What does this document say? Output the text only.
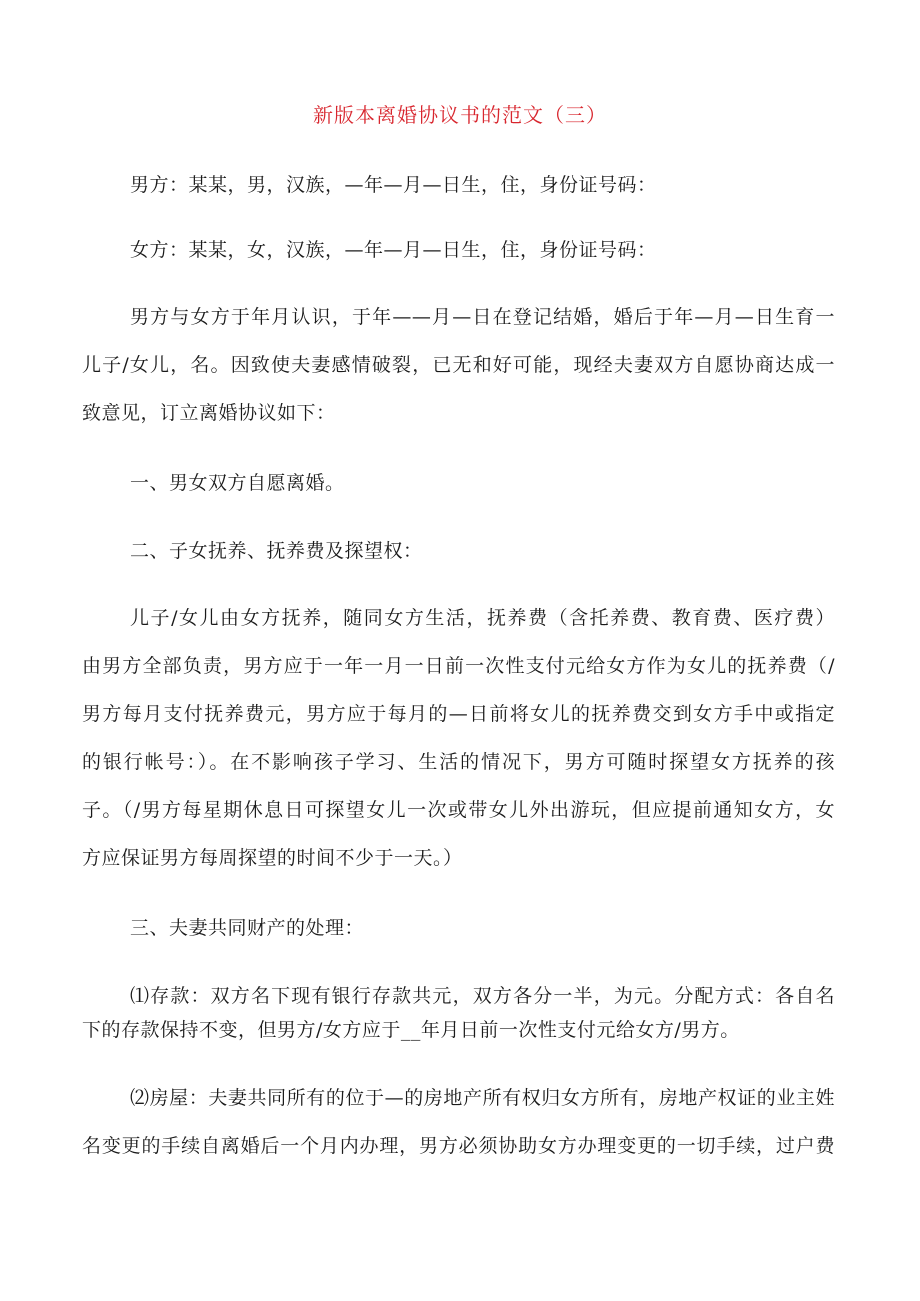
新版本离婚协议书的范文（三）
男方：某某，男，汉族，—年—月—日生，住，身份证号码：
女方：某某，女，汉族，—年—月—日生，住，身份证号码：
男方与女方于年月认识，于年——月—日在登记结婚，婚后于年—月—日生育一
儿子/女儿，名。因致使夫妻感情破裂，已无和好可能，现经夫妻双方自愿协商达成一
致意见，订立离婚协议如下：
一、男女双方自愿离婚。
二、子女抚养、抚养费及探望权：
儿子/女儿由女方抚养，随同女方生活，抚养费（含托养费、教育费、医疗费）
由男方全部负责，男方应于一年一月一日前一次性支付元给女方作为女儿的抚养费（/
男方每月支付抚养费元，男方应于每月的—日前将女儿的抚养费交到女方手中或指定
的银行帐号：）。在不影响孩子学习、生活的情况下，男方可随时探望女方抚养的孩
子。（/男方每星期休息日可探望女儿一次或带女儿外出游玩，但应提前通知女方，女
方应保证男方每周探望的时间不少于一天。）
三、夫妻共同财产的处理：
⑴存款：双方名下现有银行存款共元，双方各分一半，为元。分配方式：各自名
下的存款保持不变，但男方/女方应于__年月日前一次性支付元给女方/男方。
⑵房屋：夫妻共同所有的位于—的房地产所有权归女方所有，房地产权证的业主姓
名变更的手续自离婚后一个月内办理，男方必须协助女方办理变更的一切手续，过户费
